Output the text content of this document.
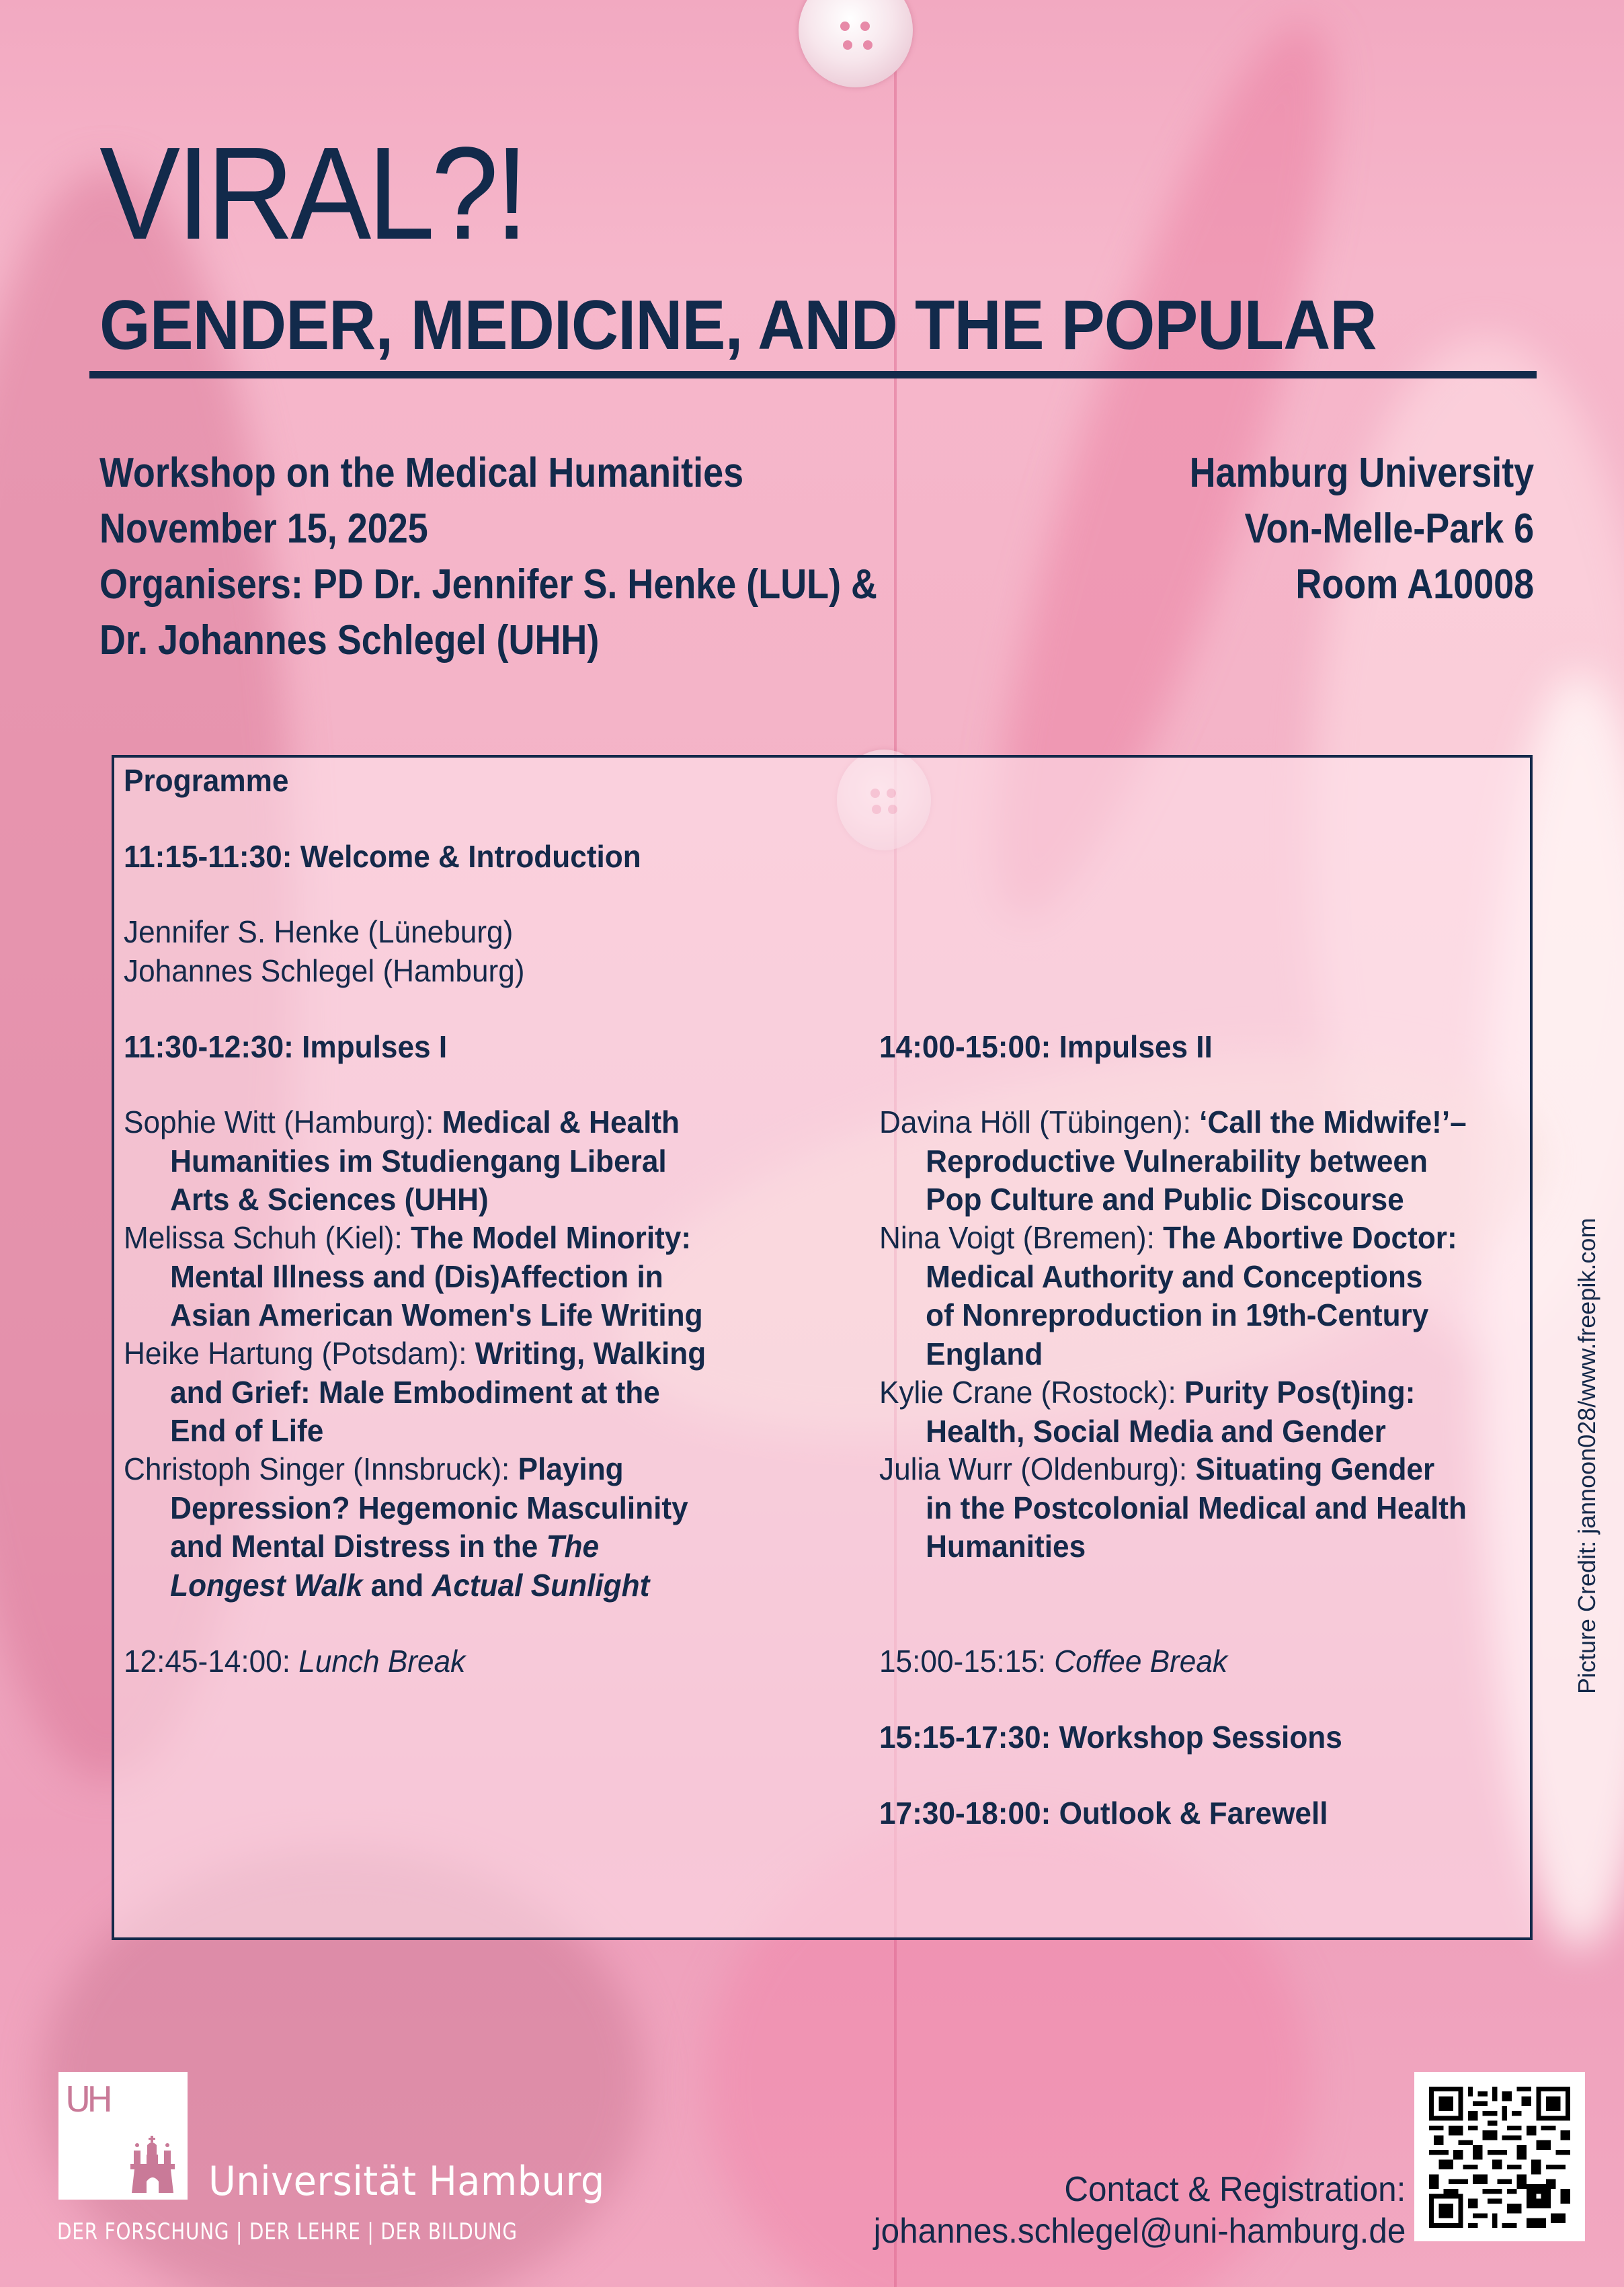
VIRAL?!
GENDER, MEDICINE, AND THE POPULAR
Workshop on the Medical Humanities
November 15, 2025
Organisers: PD Dr. Jennifer S. Henke (LUL) &
Dr. Johannes Schlegel (UHH)
Hamburg University
Von-Melle-Park 6
Room A10008
Programme
11:15-11:30: Welcome & Introduction
Jennifer S. Henke (Lüneburg)
Johannes Schlegel (Hamburg)
11:30-12:30: Impulses I
Sophie Witt (Hamburg): Medical & Health
Humanities im Studiengang Liberal
Arts & Sciences (UHH)
Melissa Schuh (Kiel): The Model Minority:
Mental Illness and (Dis)Affection in
Asian American Women's Life Writing
Heike Hartung (Potsdam): Writing, Walking
and Grief: Male Embodiment at the
End of Life
Christoph Singer (Innsbruck): Playing
Depression? Hegemonic Masculinity
and Mental Distress in the The
Longest Walk and Actual Sunlight
12:45-14:00: Lunch Break
14:00-15:00: Impulses II
Davina Höll (Tübingen): ‘Call the Midwife!’–
Reproductive Vulnerability between
Pop Culture and Public Discourse
Nina Voigt (Bremen): The Abortive Doctor:
Medical Authority and Conceptions
of Nonreproduction in 19th-Century
England
Kylie Crane (Rostock): Purity Pos(t)ing:
Health, Social Media and Gender
Julia Wurr (Oldenburg): Situating Gender
in the Postcolonial Medical and Health
Humanities
15:00-15:15: Coffee Break
15:15-17:30: Workshop Sessions
17:30-18:00: Outlook & Farewell
Picture Credit: jannoon028/www.freepik.com
UH
Universität Hamburg
DER FORSCHUNG | DER LEHRE | DER BILDUNG
Contact & Registration:
johannes.schlegel@uni-hamburg.de
